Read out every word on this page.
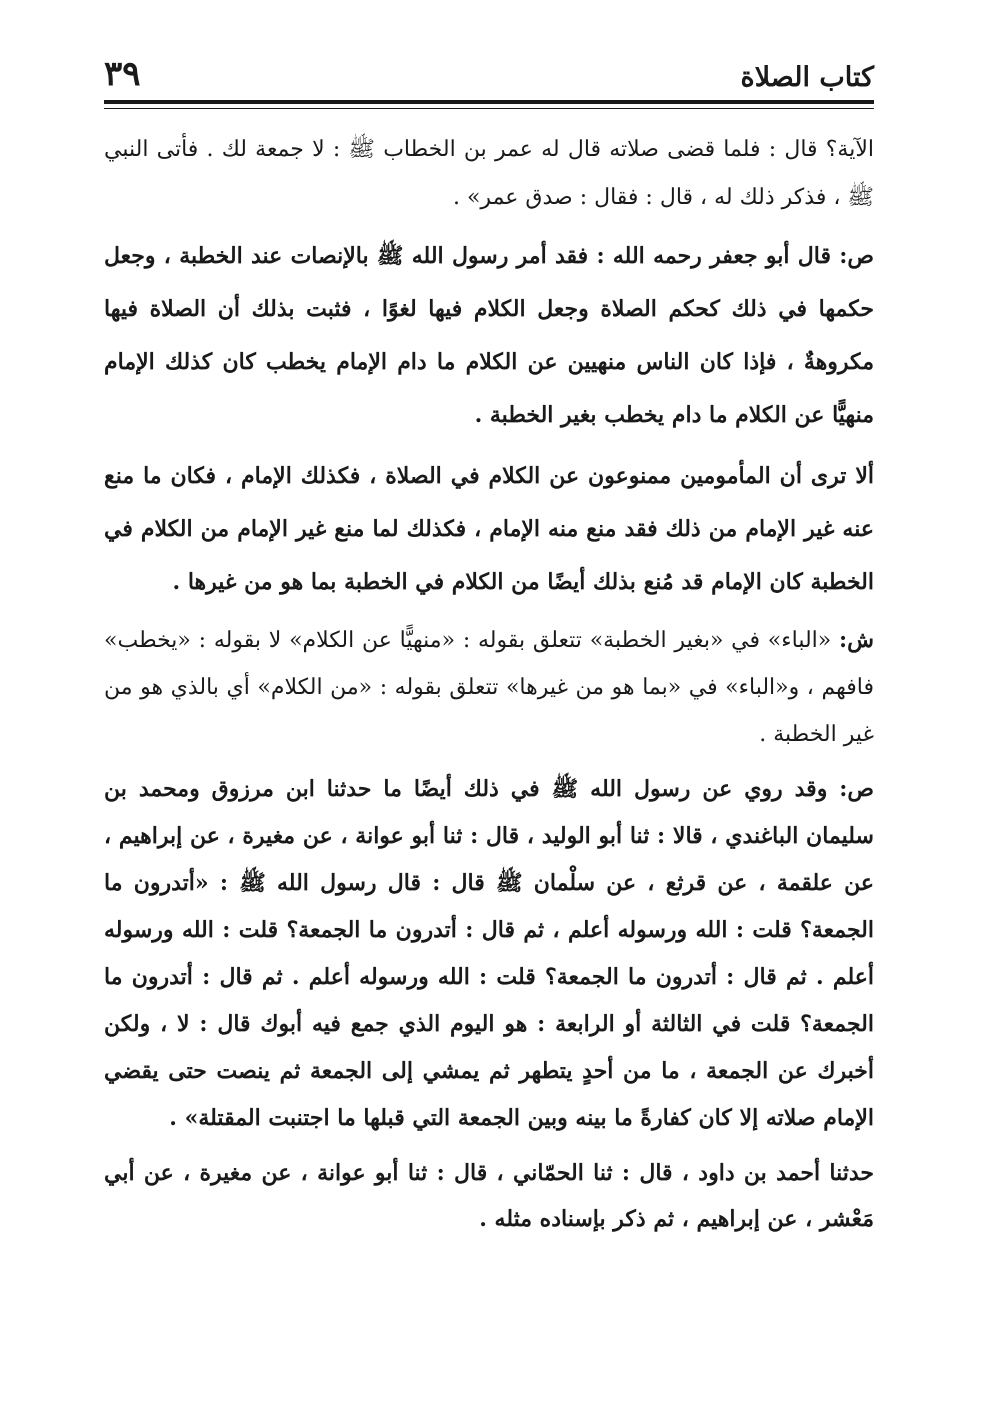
كتاب الصلاة
٣٩

الآية؟ قال : فلما قضى صلاته قال له عمر بن الخطاب ﷺ : لا جمعة لك . فأتى النبي ﷺ ، فذكر ذلك له ، قال : فقال : صدق عمر» .

ص: قال أبو جعفر رحمه الله : فقد أمر رسول الله ﷺ بالإنصات عند الخطبة ، وجعل حكمها في ذلك كحكم الصلاة وجعل الكلام فيها لغوًا ، فثبت بذلك أن الصلاة فيها مكروهةٌ ، فإذا كان الناس منهيين عن الكلام ما دام الإمام يخطب كان كذلك الإمام منهيًّا عن الكلام ما دام يخطب بغير الخطبة .

ألا ترى أن المأمومين ممنوعون عن الكلام في الصلاة ، فكذلك الإمام ، فكان ما منع عنه غير الإمام من ذلك فقد منع منه الإمام ، فكذلك لما منع غير الإمام من الكلام في الخطبة كان الإمام قد مُنع بذلك أيضًا من الكلام في الخطبة بما هو من غيرها .

ش: «الباء» في «بغير الخطبة» تتعلق بقوله : «منهيًّا عن الكلام» لا بقوله : «يخطب» فافهم ، و«الباء» في «بما هو من غيرها» تتعلق بقوله : «من الكلام» أي بالذي هو من غير الخطبة .

ص: وقد روي عن رسول الله ﷺ في ذلك أيضًا ما حدثنا ابن مرزوق ومحمد بن سليمان الباغندي ، قالا : ثنا أبو الوليد ، قال : ثنا أبو عوانة ، عن مغيرة ، عن إبراهيم ، عن علقمة ، عن قرثع ، عن سلْمان ﷺ قال : قال رسول الله ﷺ : «أتدرون ما الجمعة؟ قلت : الله ورسوله أعلم ، ثم قال : أتدرون ما الجمعة؟ قلت : الله ورسوله أعلم . ثم قال : أتدرون ما الجمعة؟ قلت : الله ورسوله أعلم . ثم قال : أتدرون ما الجمعة؟ قلت في الثالثة أو الرابعة : هو اليوم الذي جمع فيه أبوك قال : لا ، ولكن أخبرك عن الجمعة ، ما من أحدٍ يتطهر ثم يمشي إلى الجمعة ثم ينصت حتى يقضي الإمام صلاته إلا كان كفارةً ما بينه وبين الجمعة التي قبلها ما اجتنبت المقتلة» .

حدثنا أحمد بن داود ، قال : ثنا الحمّاني ، قال : ثنا أبو عوانة ، عن مغيرة ، عن أبي مَعْشر ، عن إبراهيم ، ثم ذكر بإسناده مثله .
